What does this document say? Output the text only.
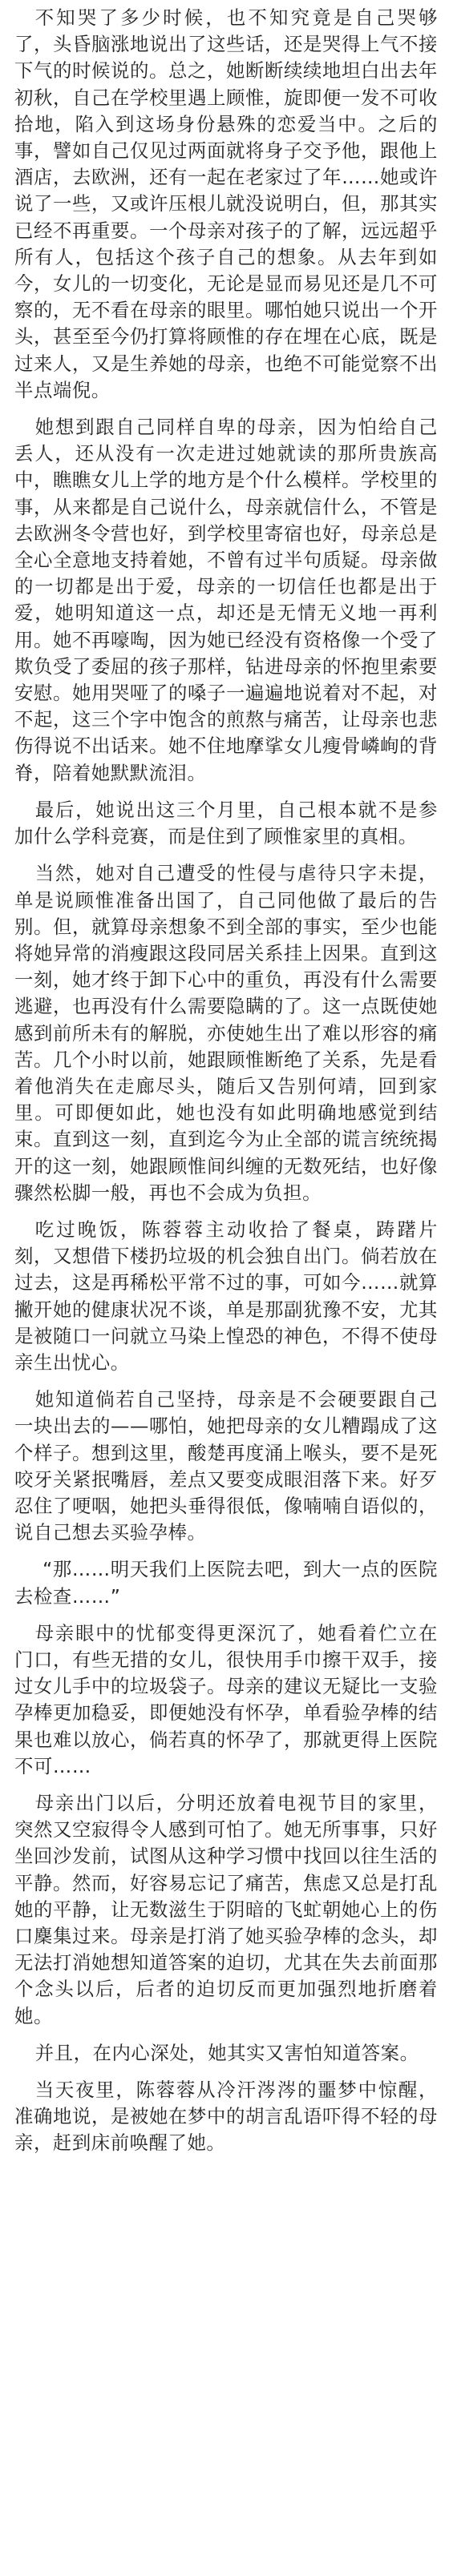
不知哭了多少时候，也不知究竟是自己哭够了，头昏脑涨地说出了这些话，还是哭得上气不接下气的时候说的。总之，她断断续续地坦白出去年初秋，自己在学校里遇上顾惟，旋即便一发不可收拾地，陷入到这场身份悬殊的恋爱当中。之后的事，譬如自己仅见过两面就将身子交予他，跟他上酒店，去欧洲，还有一起在老家过了年……她或许说了一些，又或许压根儿就没说明白，但，那其实已经不再重要。一个母亲对孩子的了解，远远超乎所有人，包括这个孩子自己的想象。从去年到如今，女儿的一切变化，无论是显而易见还是几不可察的，无不看在母亲的眼里。哪怕她只说出一个开头，甚至至今仍打算将顾惟的存在埋在心底，既是过来人，又是生养她的母亲，也绝不可能觉察不出半点端倪。

她想到跟自己同样自卑的母亲，因为怕给自己丢人，还从没有一次走进过她就读的那所贵族高中，瞧瞧女儿上学的地方是个什么模样。学校里的事，从来都是自己说什么，母亲就信什么，不管是去欧洲冬令营也好，到学校里寄宿也好，母亲总是全心全意地支持着她，不曾有过半句质疑。母亲做的一切都是出于爱，母亲的一切信任也都是出于爱，她明知道这一点，却还是无情无义地一再利用。她不再嚎啕，因为她已经没有资格像一个受了欺负受了委屈的孩子那样，钻进母亲的怀抱里索要安慰。她用哭哑了的嗓子一遍遍地说着对不起，对不起，这三个字中饱含的煎熬与痛苦，让母亲也悲伤得说不出话来。她不住地摩挲女儿瘦骨嶙峋的背脊，陪着她默默流泪。

最后，她说出这三个月里，自己根本就不是参加什么学科竞赛，而是住到了顾惟家里的真相。

当然，她对自己遭受的性侵与虐待只字未提，单是说顾惟准备出国了，自己同他做了最后的告别。但，就算母亲想象不到全部的事实，至少也能将她异常的消瘦跟这段同居关系挂上因果。直到这一刻，她才终于卸下心中的重负，再没有什么需要逃避，也再没有什么需要隐瞒的了。这一点既使她感到前所未有的解脱，亦使她生出了难以形容的痛苦。几个小时以前，她跟顾惟断绝了关系，先是看着他消失在走廊尽头，随后又告别何靖，回到家里。可即便如此，她也没有如此明确地感觉到结束。直到这一刻，直到迄今为止全部的谎言统统揭开的这一刻，她跟顾惟间纠缠的无数死结，也好像骤然松脚一般，再也不会成为负担。

吃过晚饭，陈蓉蓉主动收拾了餐桌，踌躇片刻，又想借下楼扔垃圾的机会独自出门。倘若放在过去，这是再稀松平常不过的事，可如今……就算撇开她的健康状况不谈，单是那副犹豫不安，尤其是被随口一问就立马染上惶恐的神色，不得不使母亲生出忧心。

她知道倘若自己坚持，母亲是不会硬要跟自己一块出去的——哪怕，她把母亲的女儿糟蹋成了这个样子。想到这里，酸楚再度涌上喉头，要不是死咬牙关紧抿嘴唇，差点又要变成眼泪落下来。好歹忍住了哽咽，她把头垂得很低，像喃喃自语似的，说自己想去买验孕棒。

“那……明天我们上医院去吧，到大一点的医院去检查……”

母亲眼中的忧郁变得更深沉了，她看着伫立在门口，有些无措的女儿，很快用手巾擦干双手，接过女儿手中的垃圾袋子。母亲的建议无疑比一支验孕棒更加稳妥，即便她没有怀孕，单看验孕棒的结果也难以放心，倘若真的怀孕了，那就更得上医院不可……

母亲出门以后，分明还放着电视节目的家里，突然又空寂得令人感到可怕了。她无所事事，只好坐回沙发前，试图从这种学习惯中找回以往生活的平静。然而，好容易忘记了痛苦，焦虑又总是打乱她的平静，让无数滋生于阴暗的飞虻朝她心上的伤口麇集过来。母亲是打消了她买验孕棒的念头，却无法打消她想知道答案的迫切，尤其在失去前面那个念头以后，后者的迫切反而更加强烈地折磨着她。

并且，在内心深处，她其实又害怕知道答案。

当天夜里，陈蓉蓉从冷汗涔涔的噩梦中惊醒，准确地说，是被她在梦中的胡言乱语吓得不轻的母亲，赶到床前唤醒了她。
